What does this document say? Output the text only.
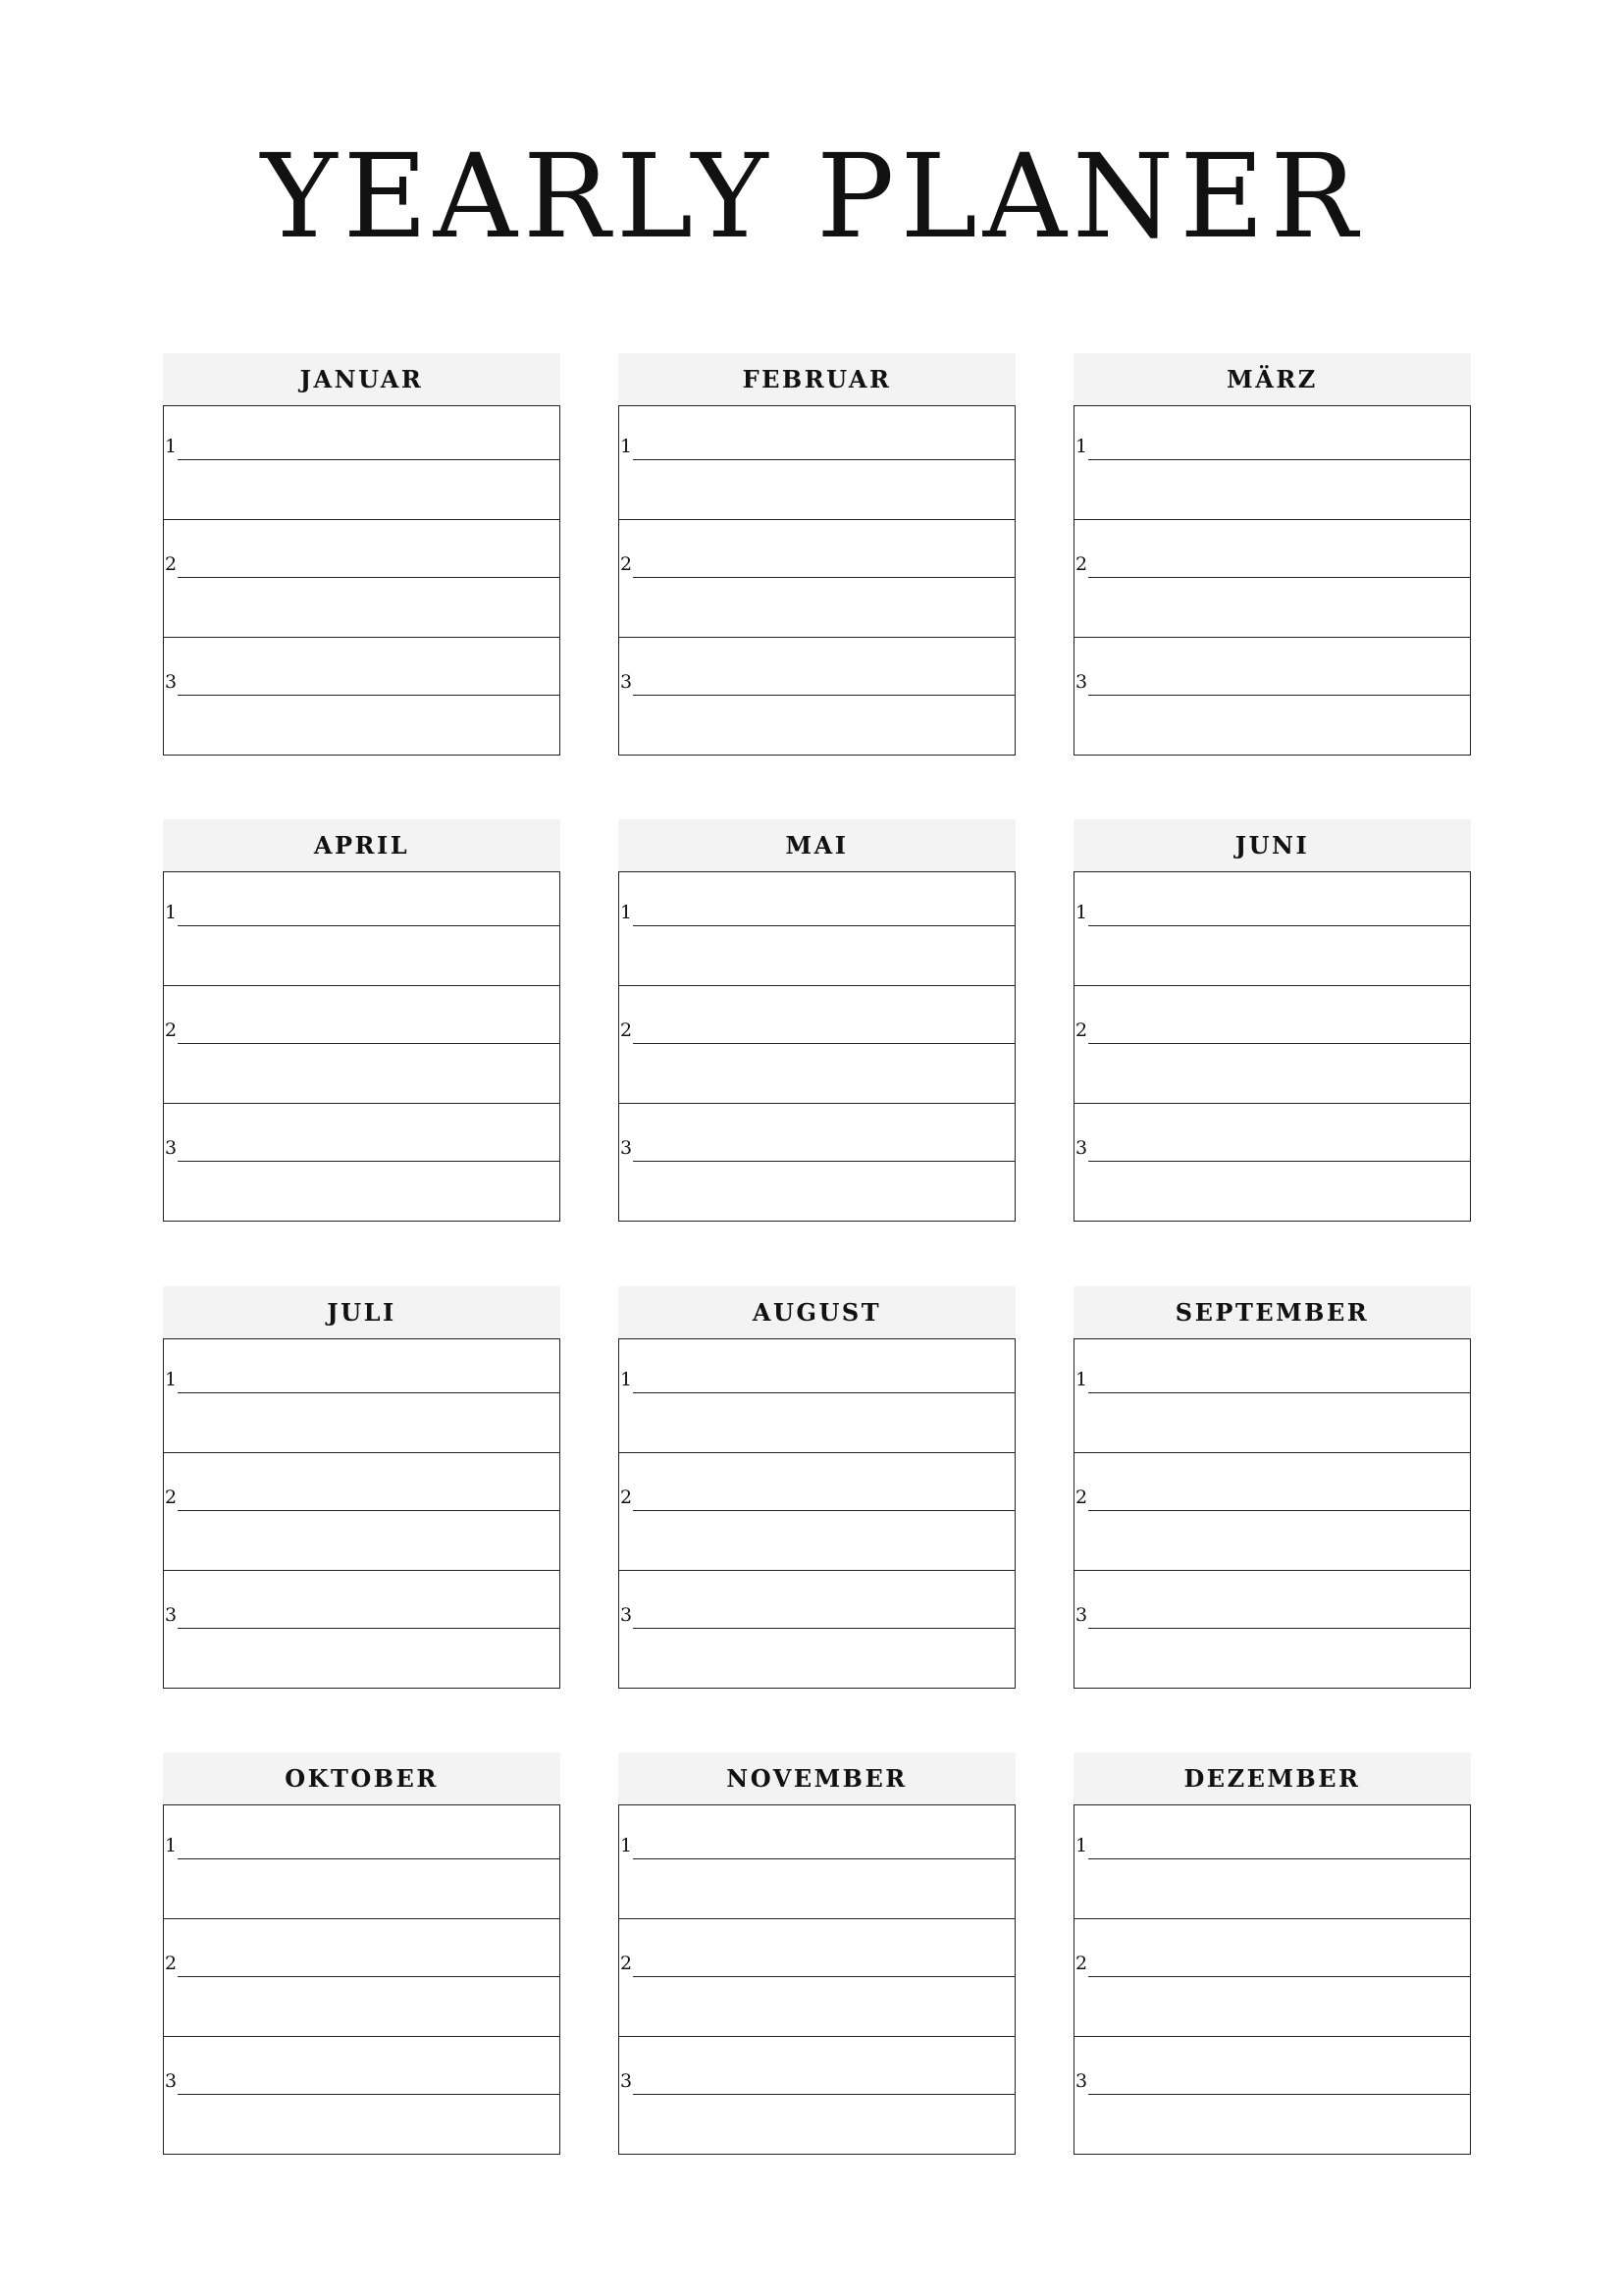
YEARLY PLANER
JANUAR
1
2
3
FEBRUAR
1
2
3
MÄRZ
1
2
3
APRIL
1
2
3
MAI
1
2
3
JUNI
1
2
3
JULI
1
2
3
AUGUST
1
2
3
SEPTEMBER
1
2
3
OKTOBER
1
2
3
NOVEMBER
1
2
3
DEZEMBER
1
2
3
